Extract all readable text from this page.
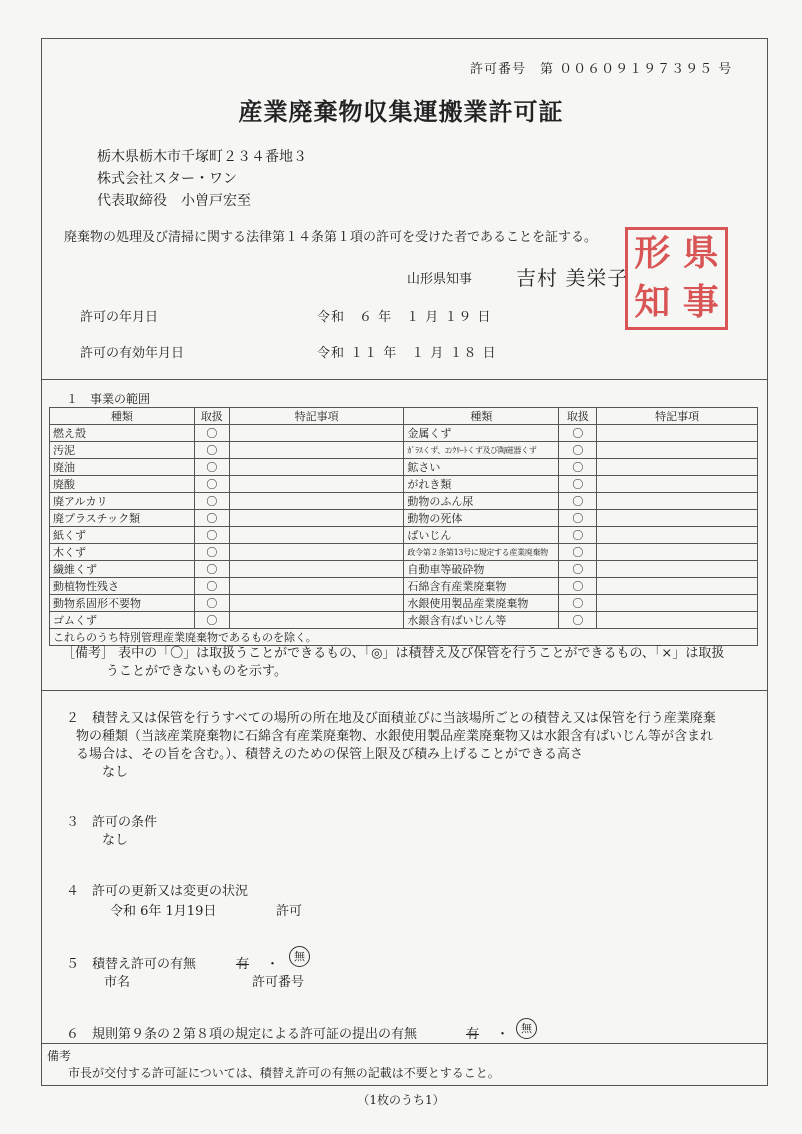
許可番号　第 ００６０９１９７３９５ 号
産業廃棄物収集運搬業許可証
栃木県栃木市千塚町２３４番地３
株式会社スター・ワン
代表取締役　小曽戸宏至
廃棄物の処理及び清掃に関する法律第１４条第１項の許可を受けた者であることを証する。
山形県知事 吉村 美栄子
形 県
知 事
許可の年月日	令和　６ 年　１ 月 １９ 日
許可の有効年月日	令和 １１ 年　１ 月 １８ 日
１　事業の範囲
種類	取扱	特記事項	種類	取扱	特記事項
燃え殻	〇		金属くず	〇	
汚泥	〇		ｶﾞﾗｽくず、ｺﾝｸﾘｰﾄくず及び陶磁器くず	〇	
廃油	〇		鉱さい	〇	
廃酸	〇		がれき類	〇	
廃アルカリ	〇		動物のふん尿	〇	
廃プラスチック類	〇		動物の死体	〇	
紙くず	〇		ばいじん	〇	
木くず	〇		政令第２条第13号に規定する産業廃棄物	〇	
繊維くず	〇		自動車等破砕物	〇	
動植物性残さ	〇		石綿含有産業廃棄物	〇	
動物系固形不要物	〇		水銀使用製品産業廃棄物	〇	
ゴムくず	〇		水銀含有ばいじん等	〇	
これらのうち特別管理産業廃棄物であるものを除く。					
［備考］ 表中の「〇」は取扱うことができるもの、「◎」は積替え及び保管を行うことができるもの、「×」は取扱
うことができないものを示す。
２　積替え又は保管を行うすべての場所の所在地及び面積並びに当該場所ごとの積替え又は保管を行う産業廃棄
物の種類（当該産業廃棄物に石綿含有産業廃棄物、水銀使用製品産業廃棄物又は水銀含有ばいじん等が含まれ
る場合は、その旨を含む。）、積替えのための保管上限及び積み上げることができる高さ
なし
３　許可の条件
なし
４　許可の更新又は変更の状況
令和 6年 1月19日	許可
５　積替え許可の有無	有 ・
無
市名	許可番号
６　規則第９条の２第８項の規定による許可証の提出の有無	有 ・	無
備考
市長が交付する許可証については、積替え許可の有無の記載は不要とすること。
（1枚のうち1）
